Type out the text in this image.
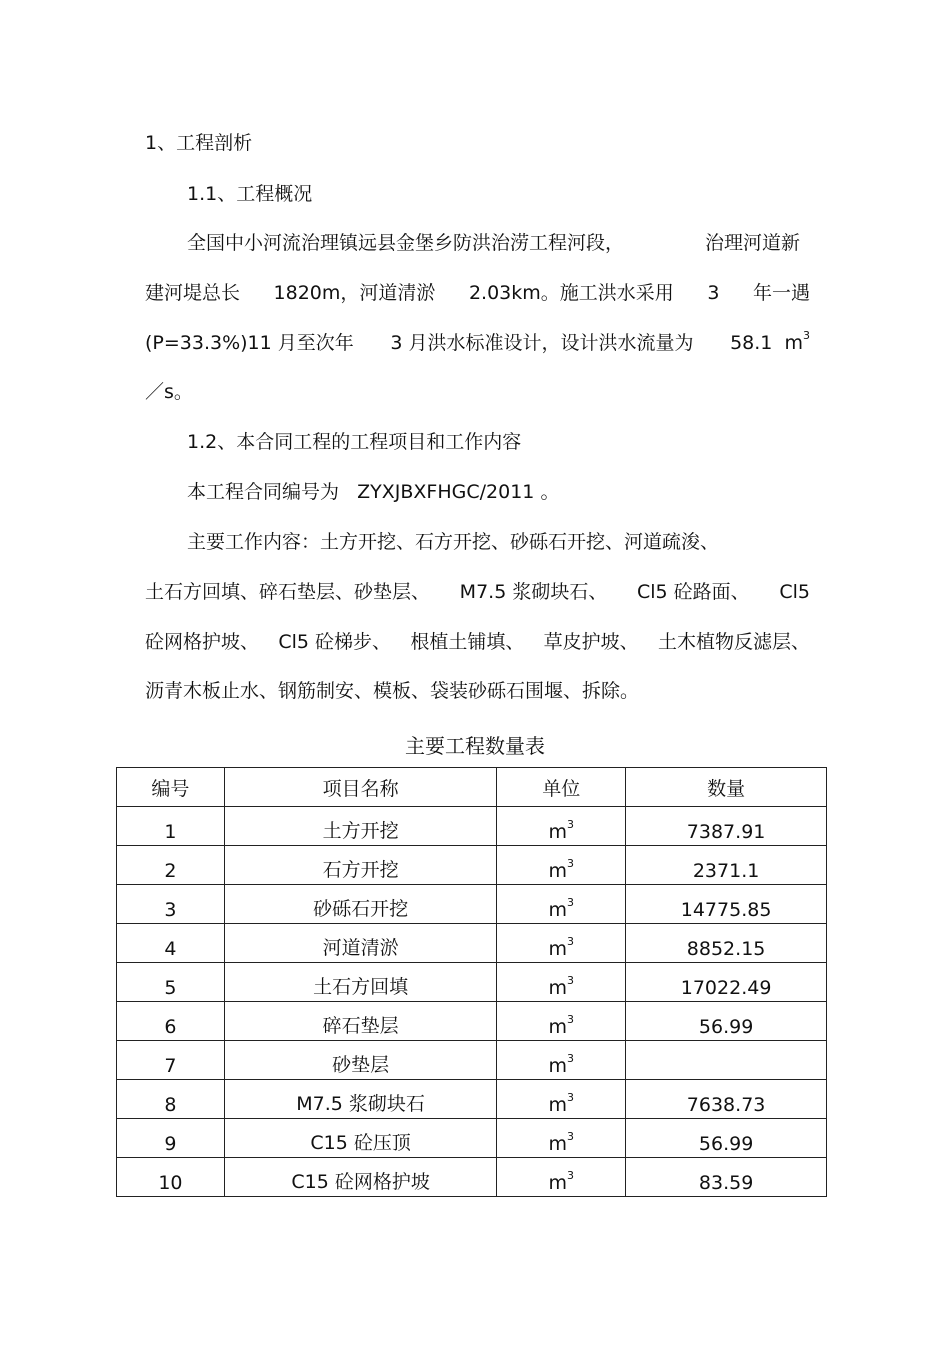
1、工程剖析
1.1、工程概况
全国中小河流治理镇远县金堡乡防洪治涝工程河段，	治理河道新
建河堤总长 1820m，河道清淤 2.03km。施工洪水采用 3 年一遇
(P=33.3%)11 月至次年 3 月洪水标准设计，设计洪水流量为 58.1 $m^3$
／s。
1.2、本合同工程的工程项目和工作内容
本工程合同编号为 ZYXJBXFHGC/2011 。
主要工作内容：土方开挖、石方开挖、砂砾石开挖、河道疏浚、
土石方回填、碎石垫层、砂垫层、 M7.5 浆砌块石、 Cl5 砼路面、 Cl5
砼网格护坡、 Cl5 砼梯步、 根植土铺填、 草皮护坡、 土木植物反滤层、
沥青木板止水、钢筋制安、模板、袋装砂砾石围堰、拆除。
主要工程数量表
编号	项目名称	单位	数量
1	土方开挖	$m^3$	7387.91
2	石方开挖	$m^3$	2371.1
3	砂砾石开挖	$m^3$	14775.85
4	河道清淤	$m^3$	8852.15
5	土石方回填	$m^3$	17022.49
6	碎石垫层	$m^3$	56.99
7	砂垫层	$m^3$	
8	M7.5 浆砌块石	$m^3$	7638.73
9	C15 砼压顶	$m^3$	56.99
10	C15 砼网格护坡	$m^3$	83.59
